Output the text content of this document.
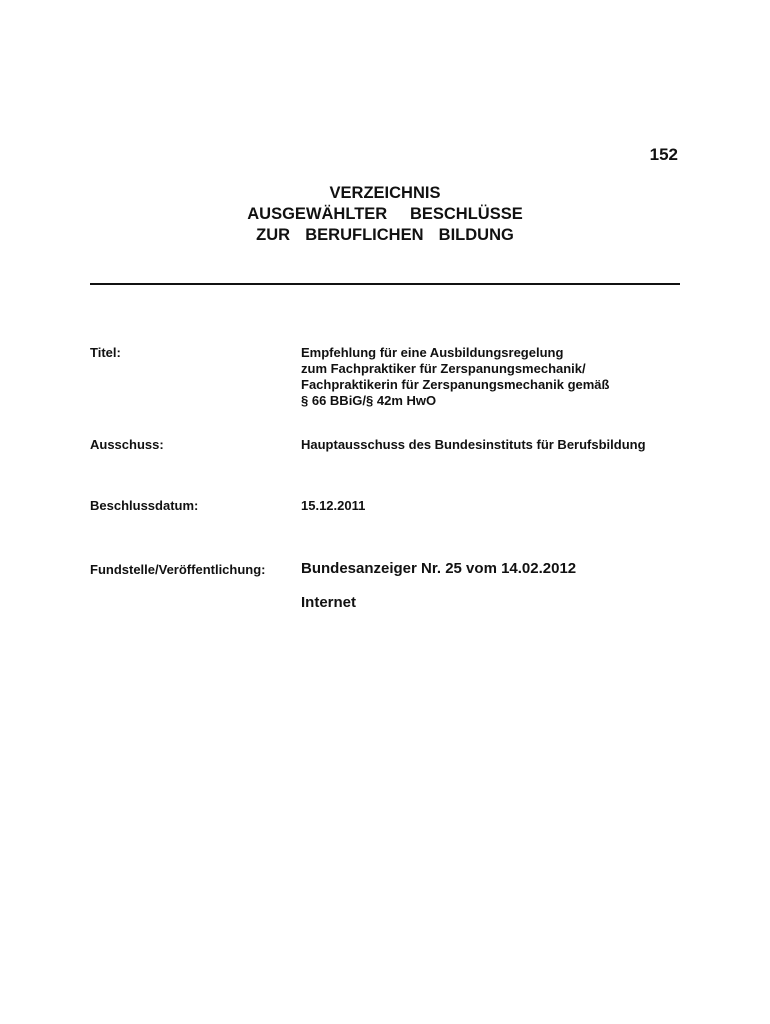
152
VERZEICHNIS
AUSGEWÄHLTER   BESCHLÜSSE
ZUR  BERUFLICHEN  BILDUNG
Titel:	Empfehlung für eine Ausbildungsregelung
zum Fachpraktiker für Zerspanungsmechanik/
Fachpraktikerin für Zerspanungsmechanik gemäß
§ 66 BBiG/§ 42m HwO
Ausschuss:	Hauptausschuss des Bundesinstituts für Berufsbildung
Beschlussdatum:	15.12.2011
Fundstelle/Veröffentlichung: Bundesanzeiger Nr. 25 vom 14.02.2012
Internet
